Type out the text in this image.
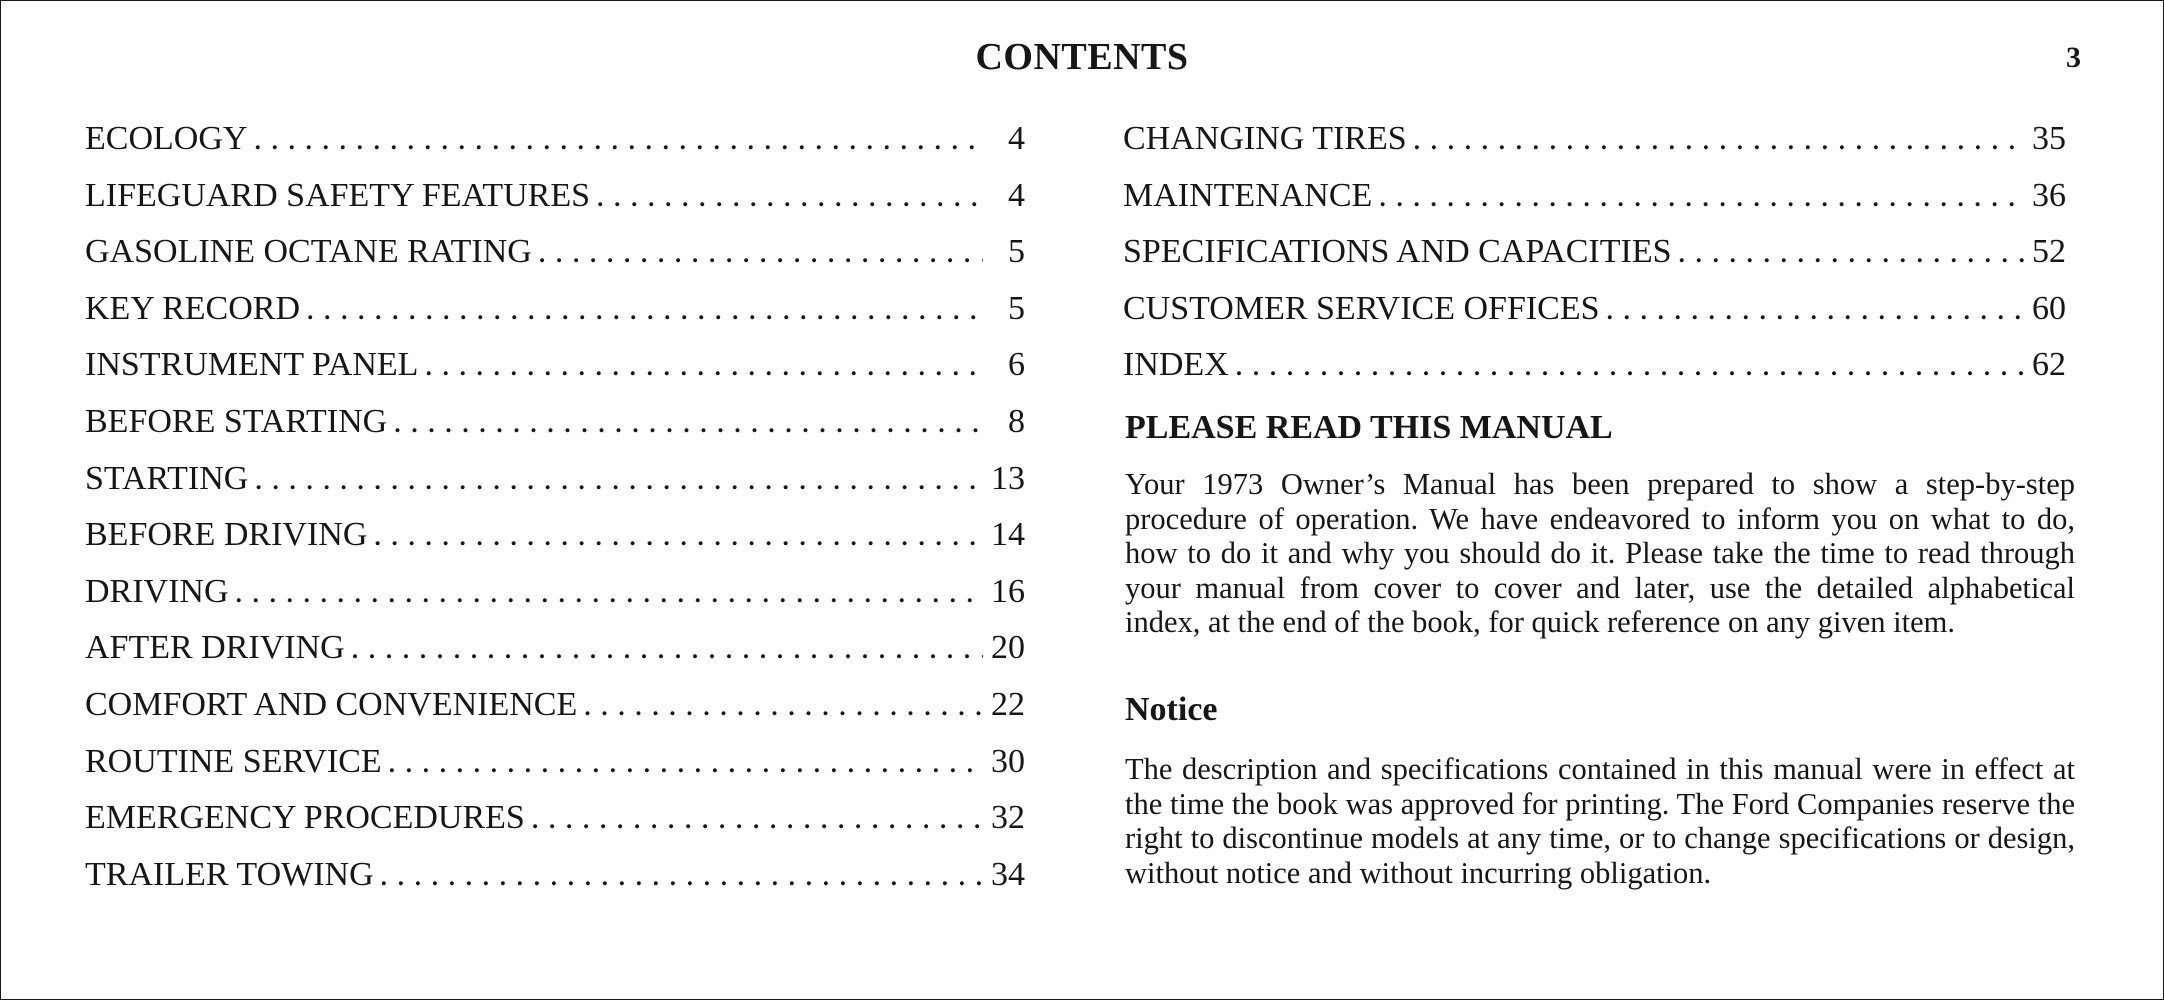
CONTENTS	3
ECOLOGY . . .	4
LIFEGUARD SAFETY FEATURES . . .	4
GASOLINE OCTANE RATING . . .	5
KEY RECORD . . .	5
INSTRUMENT PANEL . . .	6
BEFORE STARTING . . .	8
STARTING . . .	13
BEFORE DRIVING . . .	14
DRIVING . . .	16
AFTER DRIVING . . .	20
COMFORT AND CONVENIENCE . . .	22
ROUTINE SERVICE . . .	30
EMERGENCY PROCEDURES . . .	32
TRAILER TOWING . . .	34
CHANGING TIRES . . .	35
MAINTENANCE . . .	36
SPECIFICATIONS AND CAPACITIES . . .	52
CUSTOMER SERVICE OFFICES . . .	60
INDEX . . .	62
PLEASE READ THIS MANUAL

Your 1973 Owner’s Manual has been prepared to show a step-by-step procedure of operation. We have endeavored to inform you on what to do, how to do it and why you should do it. Please take the time to read through your manual from cover to cover and later, use the detailed alphabetical index, at the end of the book, for quick reference on any given item.

Notice

The description and specifications contained in this manual were in effect at the time the book was approved for printing. The Ford Companies reserve the right to discontinue models at any time, or to change specifications or design, without notice and without incurring obligation.
